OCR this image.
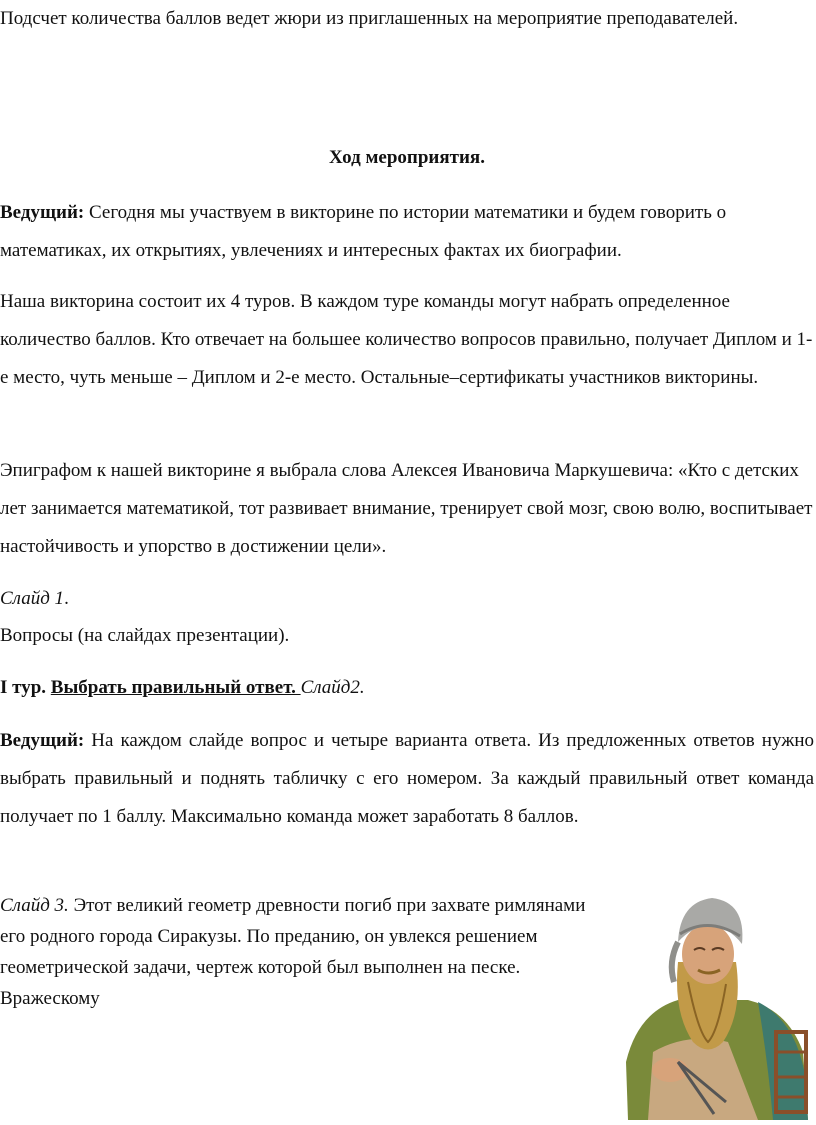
Подсчет количества баллов ведет жюри из приглашенных на мероприятие преподавателей.

Ход мероприятия.

Ведущий: Сегодня мы участвуем в викторине по истории математики и будем говорить о математиках, их открытиях, увлечениях и интересных фактах их биографии.

Наша викторина состоит их 4 туров. В каждом туре команды могут набрать определенное количество баллов. Кто отвечает на большее количество вопросов правильно, получает Диплом и 1-е место, чуть меньше – Диплом и 2-е место. Остальные–сертификаты участников викторины.

Эпиграфом к нашей викторине я выбрала слова Алексея Ивановича Маркушевича: «Кто с детских лет занимается математикой, тот развивает внимание, тренирует свой мозг, свою волю, воспитывает настойчивость и упорство в достижении цели».

Слайд 1.

Вопросы (на слайдах презентации).

I тур. Выбрать правильный ответ. Слайд2.

Ведущий: На каждом слайде вопрос и четыре варианта ответа. Из предложенных ответов нужно выбрать правильный и поднять табличку с его номером. За каждый правильный ответ команда получает по 1 баллу. Максимально команда может заработать 8 баллов.

Слайд 3. Этот великий геометр древности погиб при захвате римлянами его родного города Сиракузы. По преданию, он увлекся решением геометрической задачи, чертеж которой был выполнен на песке. Вражескому
